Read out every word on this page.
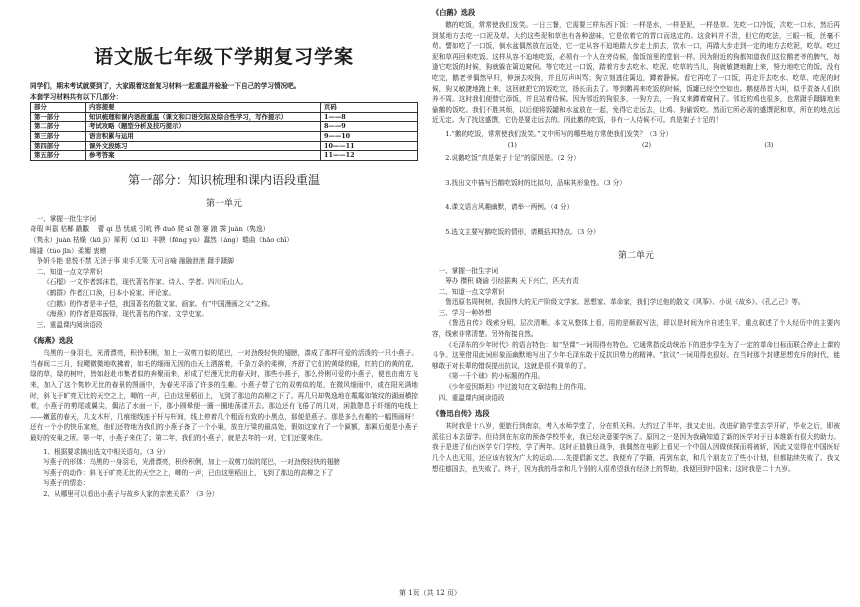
语文版七年级下学期复习学案

同学们，期末考试就要到了，大家跟着这套复习材料一起重温并检验一下自己的学习情况吧。

本套学习材料共有以下几部分：

部分	内容提要	页码
第一部分	知识梳理和课内语段重温（课文和口语交际及综合性学习，写作提示）	1——8
第二部分	考试攻略（题型分析及技巧提示）	8——9
第三部分	语言积累与运用	9——10
第四部分	课外文段练习	10——11
第五部分	参考答案	11——12
第一部分：知识梳理和课内语段重温
第一单元

一、掌握一批生字词

奇瑕 叫嚣 枯椰 戳黻 　蕾 qí 恳 忧戚 引吭 铧 duō 爬 sī 憩 窭 踉 霁 juàn（隽逸）

（隽永）juàn 枯燥（kū jì）犀利（xī lì）丰腴（fēng yú）蠢然（áng）蜷曲（hāo chǐ）

晞諩（tùo jīn）柔媚 衷赠

争妍斗艳 悲悦不禁 无济于事 束手无策 无可言喻 融融泄泄 蹑手蹑脚

二、知道一点文学常识

《石榴》一文作者郭沫若，现代著名作家、诗人、学者。四川乐山人。

《鹤群》作者江口涣，日本小说家、评论家。

《白鹅》的作者是丰子恺，我国著名的散文家、画家。有“中国漫画之父”之称。

《海燕》的作者是郑振铎，现代著名的作家、文学史家。

三、重温课内阅读语段

《海燕》选段

乌黑的一身羽毛，光滑漂亮，积伶积俐，加上一双剪刀似的尾巴，一对劲俊轻快的翅膀，凑成了那样可爱的活泼的一只小燕子。当春间二三月，轻飔微微地吹拂着，如毛的细雨无因的由天上洒落着，千条万条的柔柳，齐舒了它们的黄绿的眼，红的白的黄的花，绿的草，绿的树叶，皆如赶赴市集者似的奔聚而来，形成了烂漫无比的春天时，那些小燕子，那么伶俐可爱的小燕子，便也由南方飞来，加入了这个隽妙无比的春景的图画中，为春光平添了许多的生趣。小燕子带了它的双剪似的尾，在微风细雨中，或在阳光满地时，斜飞于旷亮无比的天空之上，唧的一声，已由这里稻田上，飞到了那边的高柳之下了。再几只却隽逸地在粼粼如皱纹的湖面横掠着，小燕子的剪尾或翼尖，偶沾了水面一下，那小圆晕便一圈一圈地荡漾开去。那边还有飞倦了的几对，闲散憩息于纤细的电线上——嫩蓝的春天，几支木杆，几痕细线连于杆与杆间，线上停着几个粗而有致的小黑点，那便是燕子。那是多么有趣的一幅图画呀！还有一个小的快乐家庭，他们还特地为我们的小燕子备了一个小巢，放在厅梁的最高处，假如这家有了一个匾额，那匾后便是小燕子最好的安巢之所。第一年，小燕子来住了；第二年，我们的小燕子，就是去年的一对，它们还要来住。

1、根据要求摘出选文中相关语句。（3 分）

写燕子的形体：乌黑的一身羽毛，光滑漂亮，积伶积俐，加上一双剪刀似的尾巴，一对劲俊轻快的翅膀

写燕子的动作：斜飞于旷亮无比的天空之上，唧的一声，已由这里稻田上，飞到了那边的高柳之下了

写燕子的情态：

2、从哪里可以看出小燕子与故乡人家的亲密关系？（3 分）

《白鹅》选段

鹅的吃饭，常常使我们发笑。一日三餐，它需要三样东西下饭：一样是水，一样是泥，一样是草。先吃一口冷饭，次吃一口水，然后再到某地方去吃一口泥及草。大约这些泥和草也有各种滋味，它是依着它的胃口而选定的。这食料并不贵，但它的吃法，三眼一板，丝毫不苟。譬如吃了一口饭，倘水盆偶然放在远处，它一定从容不迫地踏大步走上前去，饮水一口，再踏大步走到一定的地方去吃泥，吃草。吃过泥和草再回来吃饭。这样从容不迫地吃饭，必须有一个人在旁侍候，像饭馆里的堂倌一样。因为附近的狗都知道我们这位鹅老爷的脾气，每逢它吃饭的时候，狗就躲在篱边窥伺。等它吃过一口饭，踏着方步去吃水、吃泥、吃草的当儿，狗就敏捷地跑上来，努力地吃它的饭。没有吃完，鹅老爷偶然早归，伸颈去咬狗，并且厉声叫骂；狗立刻逃往篱边，蹲着静候。看它再吃了一口饭，再走开去吃水、吃草、吃泥的时候，狗又敏捷地跑上来，这回就把它的饭吃完，扬长而去了。等到鹅再来吃饭的时候，饭罐已经空空如也。鹅便昂首大叫，似乎责备人们供养不周。这时我们便替它添饭，并且站着侍候。因为邻近的狗很多，一狗方去，一狗又来蹲着窥伺了。邻近的鸡也很多，也常蹑手蹑脚地来偷鹅的饭吃。我们不胜其烦，以后便将饭罐和水盆放在一起，免得它走远去，让鸡、狗偷饭吃。然而它所必需的盛馔泥和草，所在的地点远近无定。为了找这盛馔，它仍是要走远去的。因此鹅的吃饭，非有一人侍候不可。真是架子十足的！

1.“鹅的吃饭，常常使我们发笑。”文中所写的哪些地方常使我们发笑？（3 分）

(1)	(2)	(3)

2.说鹅吃饭“真是架子十足”的原因是。（2 分）

3.找出文中描写吕鹅吃饭时的比拟句，品味其形象性。（3 分）

4.课文语言风趣幽默，请举一两例。（4 分）

5.选文主要写鹅吃饭的情形，请概括其特点。（3 分）

第二单元

一、掌握一批生字词

筹办 攒积 晓谕 引经据典 天下兴亡，匹夫有责

二、知道一点文学常识

鲁迅原名周树树，我国伟大的无产阶级文学家、思想家、革命家，我们学过他的散文《风筝》、小说《故乡》、《孔乙己》等。

三、学习一种妙想

《鲁迅自传》线索分明，层次清晰。本文从整体上看，用的是顺叙写法，即以是时间为序自述生平，重点叙述了个人经历中的主要内容，线索非常清楚。另外衔接自然。

《毛泽东的少年时代》的语言特色：如“坚课”一词用得有特色。它通常指反动统治下的进步学生为了一定的革命目标而联合停止上课的斗争。这里借用此词形象而幽默地写出了少年毛泽东敢于反抗旧势力的精神。“抗议”一词用得也很好。在当时那个封建思想充斥的时代，能够敢于对长辈的错误提出抗议，这就是很不简单的了。

《第一千个球》的小标题的作用。

《少年爱因斯坦》中过渡句在文章结构上的作用。

四、重温课内阅读语段

《鲁迅自传》选段

其时我是十八岁，便旅行到南京，考入水师学堂了，分在机关科。大约过了半年，我又走出，改进矿路学堂去学开矿，毕业之后，即被派往日本去留学。但待到在东京的预备学校毕业，我已经决意要学医了。原因之一是因为我确知道了新的医学对于日本维新有很大的助力。我于是进了仙台医学专门学校，学了两年。这时正值俄日战争，我偶然在电影上看见一个中国人因做侦探而将被斩，因此又觉得在中国医好几个人也无用，还应该有较为广大的运动……先提倡新文艺。我便弃了学籍，再到东京，和几个朋友立了些小计划，但都陆续失败了。我又想往德国去，也失败了。终于，因为我的母亲和几个别的人很希望我有经济上的帮助，我便回到中国来；这时我是二十九岁。

第 1页（共 12 页）
